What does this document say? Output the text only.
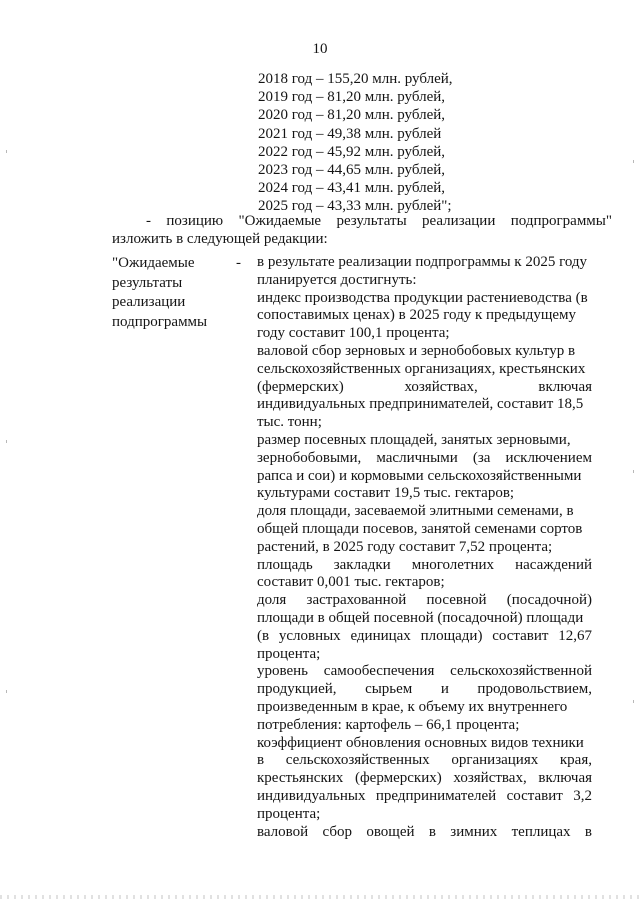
10
2018 год – 155,20 млн. рублей,
2019 год – 81,20 млн. рублей,
2020 год – 81,20 млн. рублей,
2021 год – 49,38 млн. рублей
2022 год – 45,92 млн. рублей,
2023 год – 44,65 млн. рублей,
2024 год – 43,41 млн. рублей,
2025 год – 43,33 млн. рублей";
- позицию "Ожидаемые результаты реализации подпрограммы"
изложить в следующей редакции:
"Ожидаемые
результаты
реализации
подпрограммы
- в результате реализации подпрограммы к 2025 году
планируется достигнуть:
индекс производства продукции растениеводства (в
сопоставимых ценах) в 2025 году к предыдущему
году составит 100,1 процента;
валовой сбор зерновых и зернобобовых культур в
сельскохозяйственных организациях, крестьянских
(фермерских)	хозяйствах,	включая
индивидуальных предпринимателей, составит 18,5
тыс. тонн;
размер посевных площадей, занятых зерновыми,
зернобобовыми, масличными (за исключением
рапса и сои) и кормовыми сельскохозяйственными
культурами составит 19,5 тыс. гектаров;
доля площади, засеваемой элитными семенами, в
общей площади посевов, занятой семенами сортов
растений, в 2025 году составит 7,52 процента;
площадь закладки многолетних насаждений
составит 0,001 тыс. гектаров;
доля застрахованной посевной (посадочной)
площади в общей посевной (посадочной) площади
(в условных единицах площади) составит 12,67
процента;
уровень самообеспечения сельскохозяйственной
продукцией, сырьем и продовольствием,
произведенным в крае, к объему их внутреннего
потребления: картофель – 66,1 процента;
коэффициент обновления основных видов техники
в сельскохозяйственных организациях края,
крестьянских (фермерских) хозяйствах, включая
индивидуальных предпринимателей составит 3,2
процента;
валовой сбор овощей в зимних теплицах в
